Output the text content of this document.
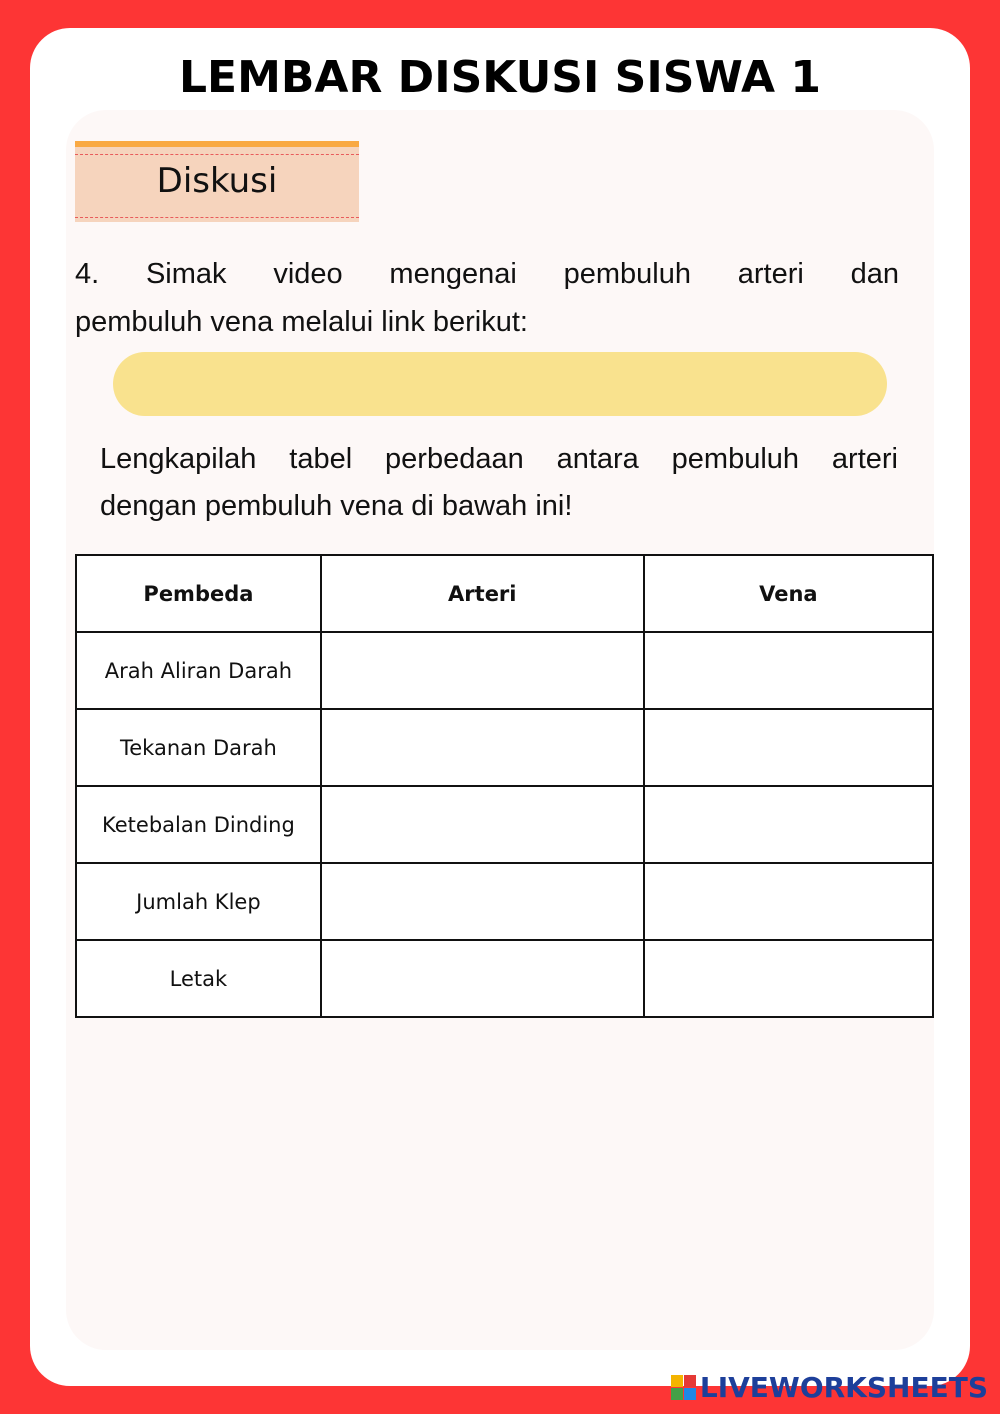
LEMBAR DISKUSI SISWA 1
Diskusi
4. Simak video mengenai pembuluh arteri dan
pembuluh vena melalui link berikut:
Lengkapilah tabel perbedaan antara pembuluh arteri
dengan pembuluh vena di bawah ini!
Pembeda	Arteri	Vena
Arah Aliran Darah		
Tekanan Darah		
Ketebalan Dinding		
Jumlah Klep		
Letak		
LIVEWORKSHEETS
